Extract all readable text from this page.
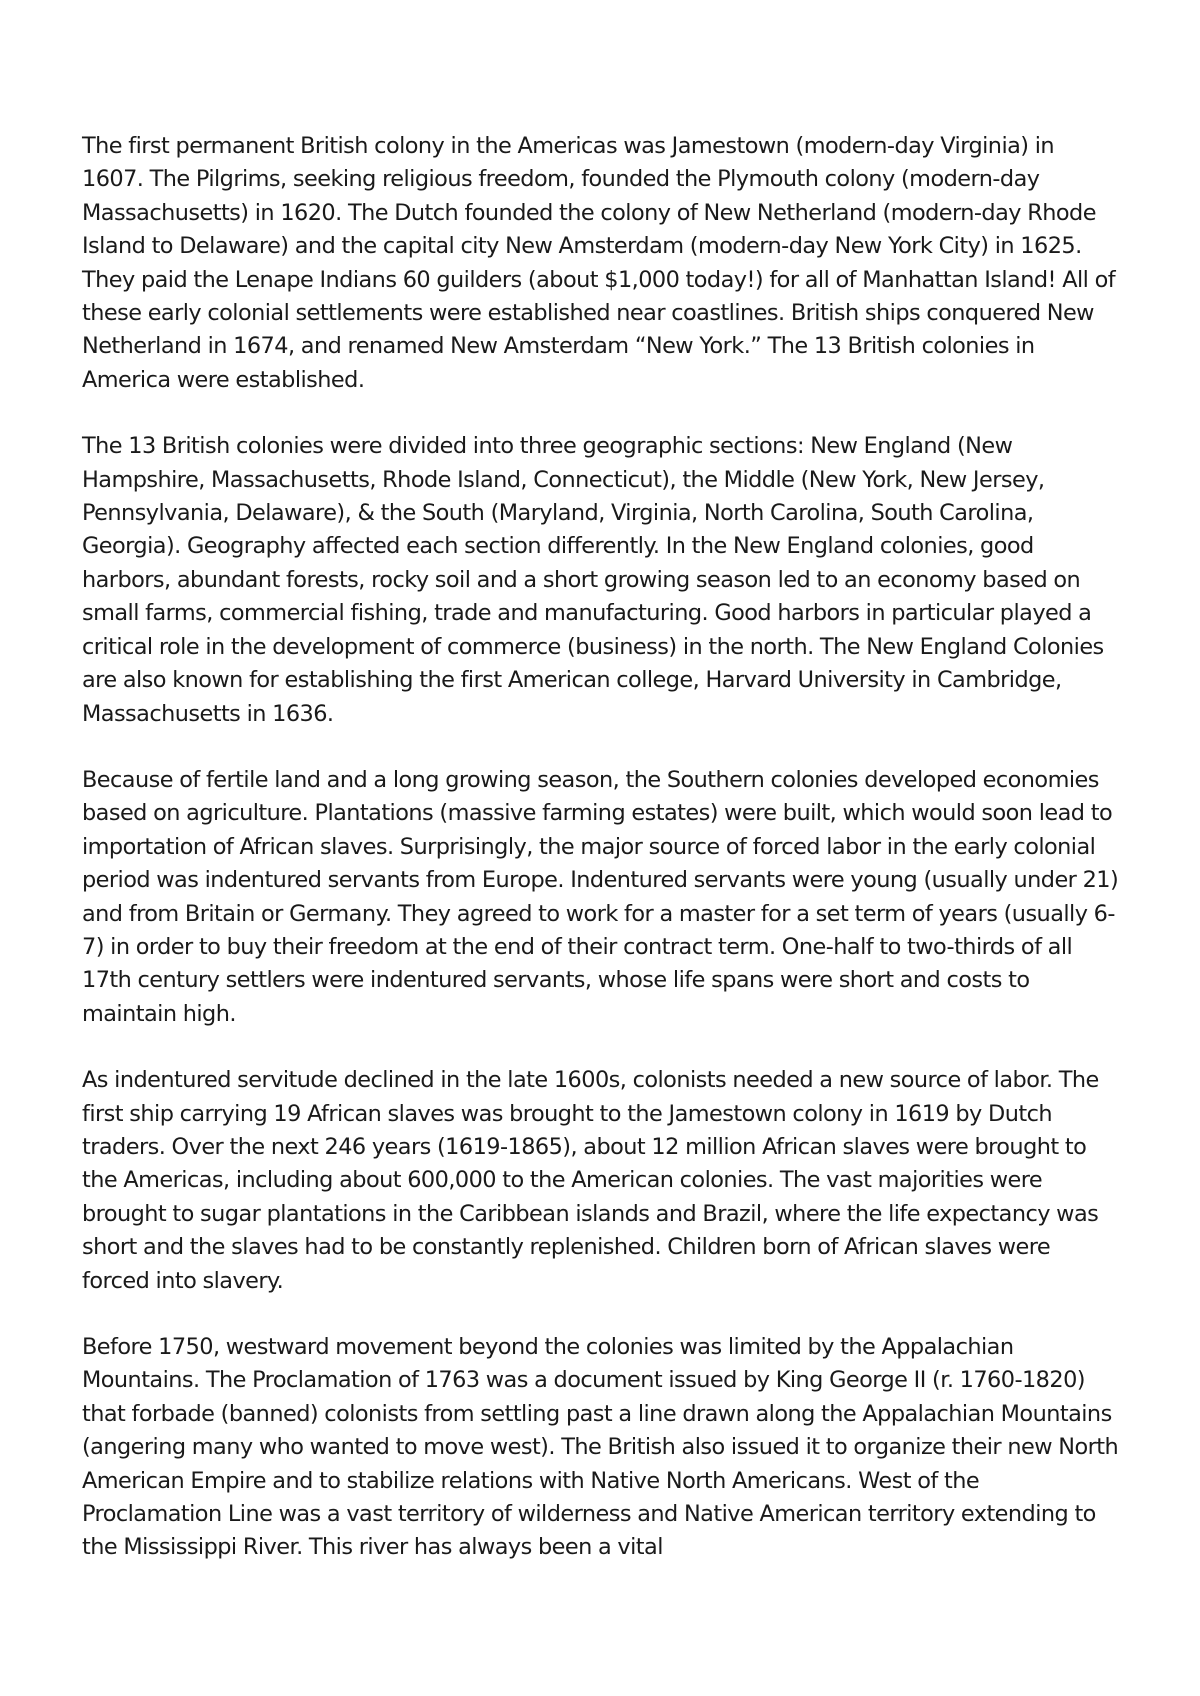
The first permanent British colony in the Americas was Jamestown (modern-day Virginia) in 1607. The Pilgrims, seeking religious freedom, founded the Plymouth colony (modern-day Massachusetts) in 1620. The Dutch founded the colony of New Netherland (modern-day Rhode Island to Delaware) and the capital city New Amsterdam (modern-day New York City) in 1625. They paid the Lenape Indians 60 guilders (about $1,000 today!) for all of Manhattan Island! All of these early colonial settlements were established near coastlines. British ships conquered New Netherland in 1674, and renamed New Amsterdam “New York.” The 13 British colonies in America were established.

The 13 British colonies were divided into three geographic sections: New England (New Hampshire, Massachusetts, Rhode Island, Connecticut), the Middle (New York, New Jersey, Pennsylvania, Delaware), & the South (Maryland, Virginia, North Carolina, South Carolina, Georgia). Geography affected each section differently. In the New England colonies, good harbors, abundant forests, rocky soil and a short growing season led to an economy based on small farms, commercial fishing, trade and manufacturing. Good harbors in particular played a critical role in the development of commerce (business) in the north. The New England Colonies are also known for establishing the first American college, Harvard University in Cambridge, Massachusetts in 1636.

Because of fertile land and a long growing season, the Southern colonies developed economies based on agriculture. Plantations (massive farming estates) were built, which would soon lead to importation of African slaves. Surprisingly, the major source of forced labor in the early colonial period was indentured servants from Europe. Indentured servants were young (usually under 21) and from Britain or Germany. They agreed to work for a master for a set term of years (usually 6-7) in order to buy their freedom at the end of their contract term. One-half to two-thirds of all 17th century settlers were indentured servants, whose life spans were short and costs to maintain high.

As indentured servitude declined in the late 1600s, colonists needed a new source of labor. The first ship carrying 19 African slaves was brought to the Jamestown colony in 1619 by Dutch traders. Over the next 246 years (1619-1865), about 12 million African slaves were brought to the Americas, including about 600,000 to the American colonies. The vast majorities were brought to sugar plantations in the Caribbean islands and Brazil, where the life expectancy was short and the slaves had to be constantly replenished. Children born of African slaves were forced into slavery.

Before 1750, westward movement beyond the colonies was limited by the Appalachian Mountains. The Proclamation of 1763 was a document issued by King George II (r. 1760-1820) that forbade (banned) colonists from settling past a line drawn along the Appalachian Mountains (angering many who wanted to move west). The British also issued it to organize their new North American Empire and to stabilize relations with Native North Americans. West of the Proclamation Line was a vast territory of wilderness and Native American territory extending to the Mississippi River. This river has always been a vital
